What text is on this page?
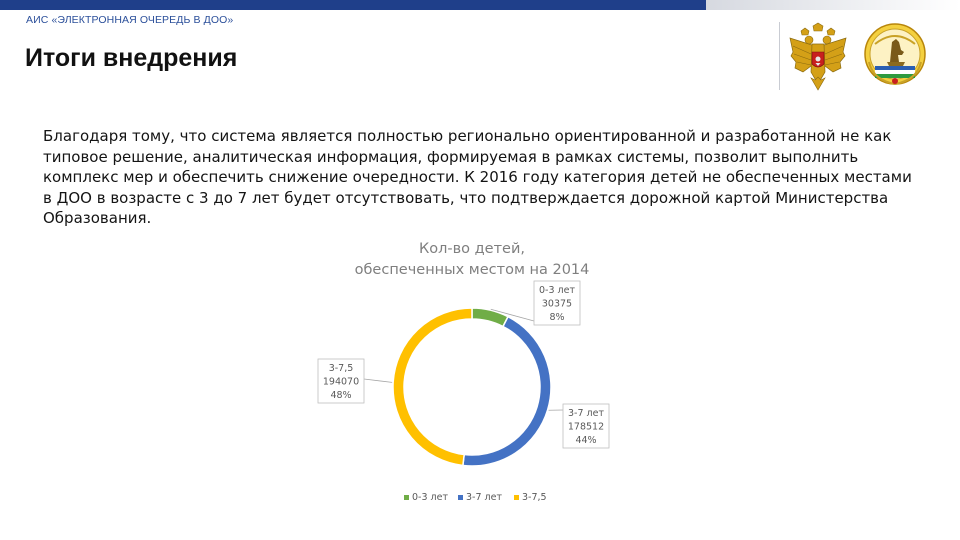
АИС «ЭЛЕКТРОННАЯ ОЧЕРЕДЬ В ДОО»
Итоги внедрения
Благодаря тому, что система является полностью регионально ориентированной и разработанной не как типовое решение, аналитическая информация, формируемая в рамках системы, позволит выполнить комплекс мер и обеспечить снижение очередности. К 2016 году категория детей не обеспеченных местами в ДОО в возрасте с 3 до 7 лет будет отсутствовать, что подтверждается дорожной картой Министерства Образования.
Кол-во детей,
обеспеченных местом на 2014
0-3 лет
30375
8%
3-7 лет
178512
44%
3-7,5
194070
48%
0-3 лет 3-7 лет 3-7,5
